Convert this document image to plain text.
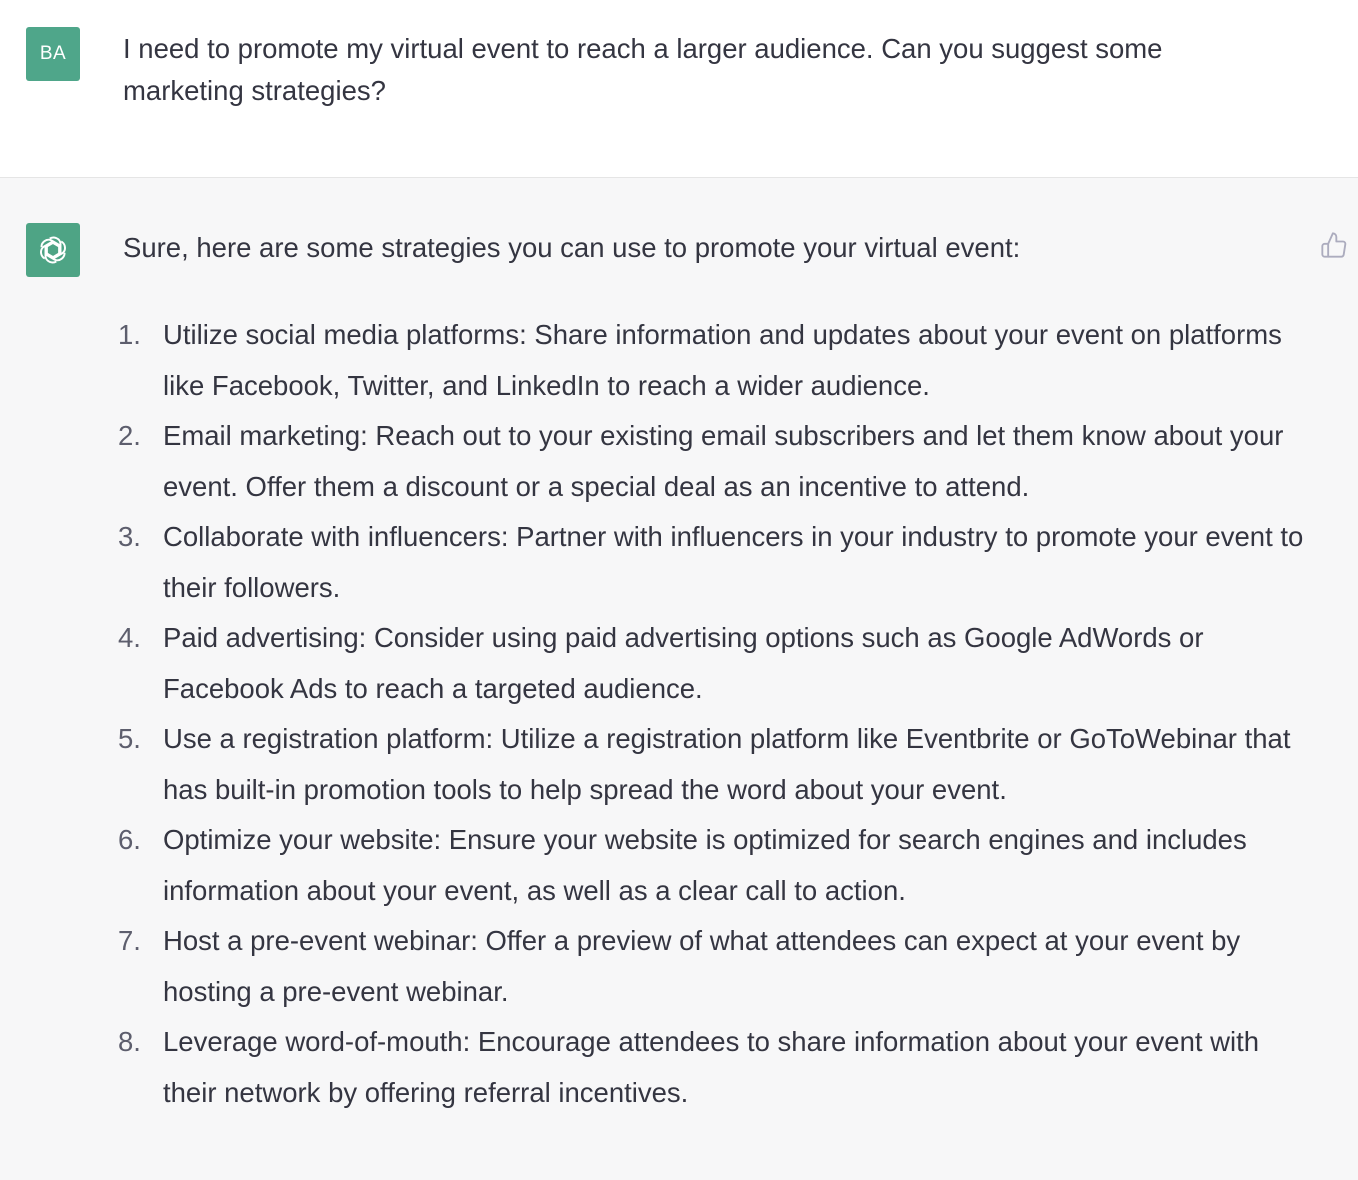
BA I need to promote my virtual event to reach a larger audience. Can you suggest some marketing strategies?

Sure, here are some strategies you can use to promote your virtual event:

1. Utilize social media platforms: Share information and updates about your event on platforms like Facebook, Twitter, and LinkedIn to reach a wider audience.
2. Email marketing: Reach out to your existing email subscribers and let them know about your event. Offer them a discount or a special deal as an incentive to attend.
3. Collaborate with influencers: Partner with influencers in your industry to promote your event to their followers.
4. Paid advertising: Consider using paid advertising options such as Google AdWords or Facebook Ads to reach a targeted audience.
5. Use a registration platform: Utilize a registration platform like Eventbrite or GoToWebinar that has built-in promotion tools to help spread the word about your event.
6. Optimize your website: Ensure your website is optimized for search engines and includes information about your event, as well as a clear call to action.
7. Host a pre-event webinar: Offer a preview of what attendees can expect at your event by hosting a pre-event webinar.
8. Leverage word-of-mouth: Encourage attendees to share information about your event with their network by offering referral incentives.
